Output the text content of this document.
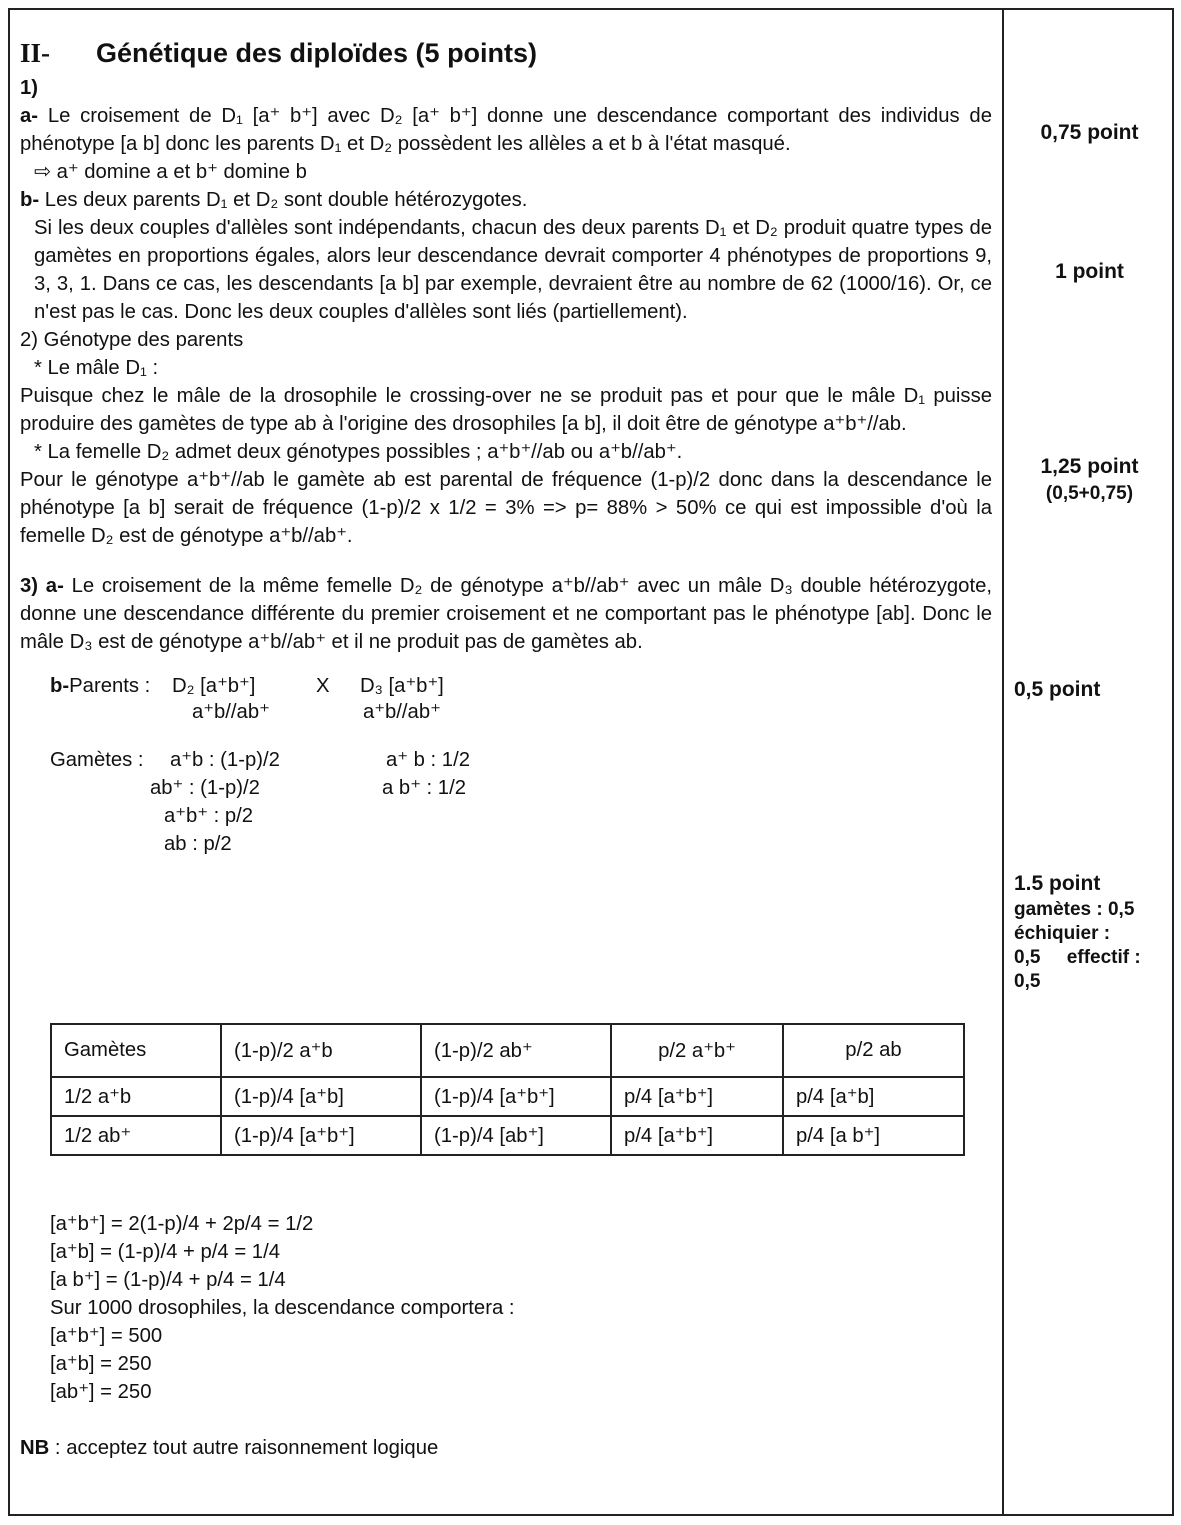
II- Génétique des diploïdes (5 points)

1)

a- Le croisement de D₁ [a⁺ b⁺] avec D₂ [a⁺ b⁺] donne une descendance comportant des individus de phénotype [a b] donc les parents D₁ et D₂ possèdent les allèles a et b à l'état masqué.

⇨ a⁺ domine a et b⁺ domine b

b- Les deux parents D₁ et D₂ sont double hétérozygotes.

Si les deux couples d'allèles sont indépendants, chacun des deux parents D₁ et D₂ produit quatre types de gamètes en proportions égales, alors leur descendance devrait comporter 4 phénotypes de proportions 9, 3, 3, 1. Dans ce cas, les descendants [a b] par exemple, devraient être au nombre de 62 (1000/16). Or, ce n'est pas le cas. Donc les deux couples d'allèles sont liés (partiellement).

2) Génotype des parents

* Le mâle D₁ :

Puisque chez le mâle de la drosophile le crossing-over ne se produit pas et pour que le mâle D₁ puisse produire des gamètes de type ab à l'origine des drosophiles [a b], il doit être de génotype a⁺b⁺//ab.

* La femelle D₂ admet deux génotypes possibles ; a⁺b⁺//ab ou a⁺b//ab⁺.

Pour le génotype a⁺b⁺//ab le gamète ab est parental de fréquence (1-p)/2 donc dans la descendance le phénotype [a b] serait de fréquence (1-p)/2 x 1/2 = 3% => p= 88% > 50% ce qui est impossible d'où la femelle D₂ est de génotype a⁺b//ab⁺.

3) a- Le croisement de la même femelle D₂ de génotype a⁺b//ab⁺ avec un mâle D₃ double hétérozygote, donne une descendance différente du premier croisement et ne comportant pas le phénotype [ab]. Donc le mâle D₃ est de génotype a⁺b//ab⁺ et il ne produit pas de gamètes ab.

b- Parents : D₂ [a⁺b⁺]
a⁺b//ab⁺
X D₃ [a⁺b⁺]
a⁺b//ab⁺

Gamètes : a⁺b : (1-p)/2
ab⁺ : (1-p)/2
a⁺b⁺ : p/2
ab : p/2
a⁺ b : 1/2
a b⁺ : 1/2
Gamètes	(1-p)/2 a⁺b	(1-p)/2 ab⁺	p/2 a⁺b⁺	p/2 ab
1/2 a⁺b	(1-p)/4 [a⁺b]	(1-p)/4 [a⁺b⁺]	p/4 [a⁺b⁺]	p/4 [a⁺b]
1/2 ab⁺	(1-p)/4 [a⁺b⁺]	(1-p)/4 [ab⁺]	p/4 [a⁺b⁺]	p/4 [a b⁺]
[a⁺b⁺] = 2(1-p)/4 + 2p/4 = 1/2
[a⁺b] = (1-p)/4 + p/4 = 1/4
[a b⁺] = (1-p)/4 + p/4 = 1/4
Sur 1000 drosophiles, la descendance comportera :
[a⁺b⁺] = 500
[a⁺b] = 250
[ab⁺] = 250
NB : acceptez tout autre raisonnement logique
0,75 point
1 point
1,25 point
(0,5+0,75)
0,5 point
1.5 point
gamètes : 0,5
échiquier :
0,5     effectif :
0,5
